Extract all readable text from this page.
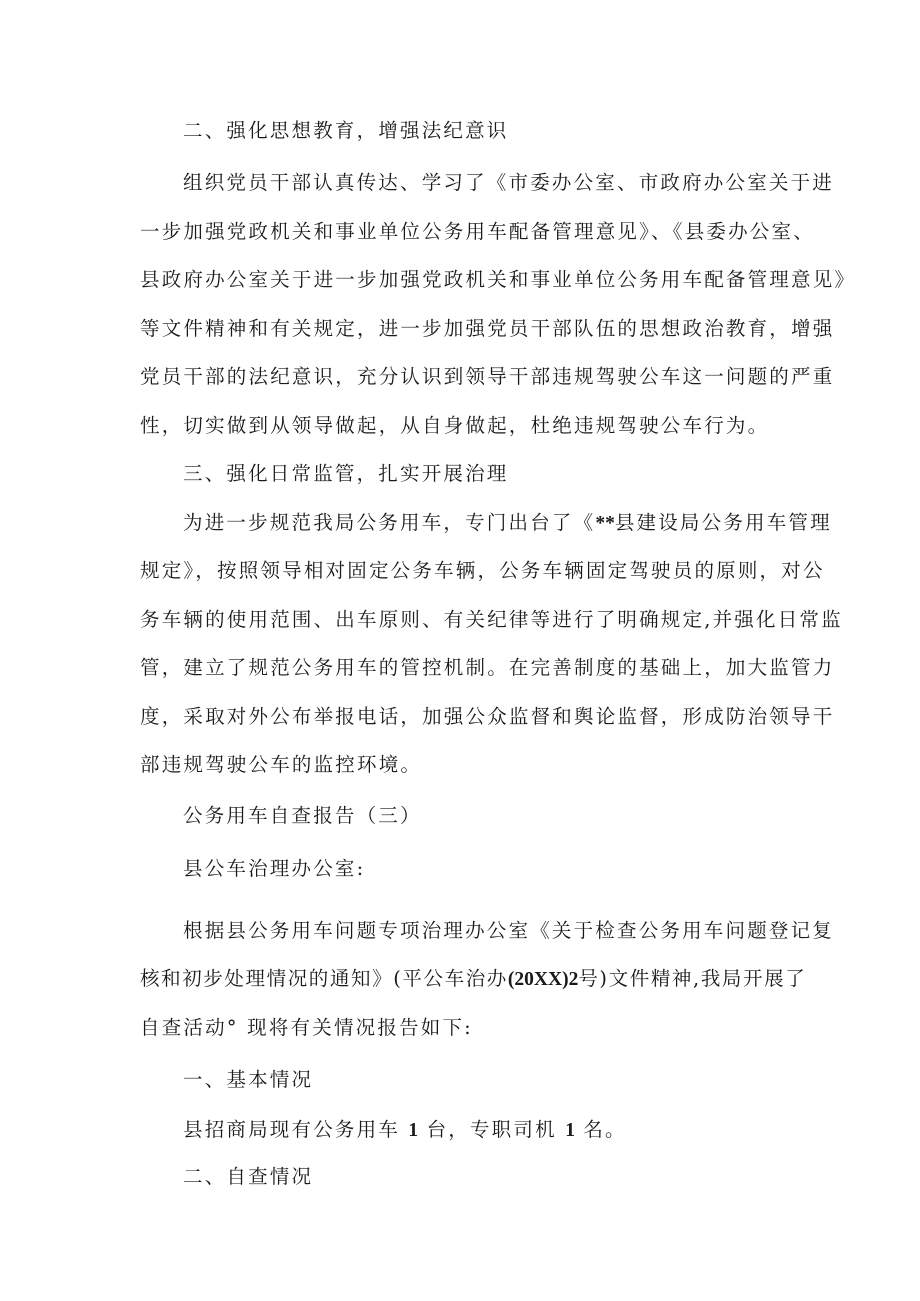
二、强化思想教育，增强法纪意识
组织党员干部认真传达、学习了《市委办公室、市政府办公室关于进
一步加强党政机关和事业单位公务用车配备管理意见》、《县委办公室、
县政府办公室关于进一步加强党政机关和事业单位公务用车配备管理意见》
等文件精神和有关规定，进一步加强党员干部队伍的思想政治教育，增强
党员干部的法纪意识，充分认识到领导干部违规驾驶公车这一问题的严重
性，切实做到从领导做起，从自身做起，杜绝违规驾驶公车行为。
三、强化日常监管，扎实开展治理
为进一步规范我局公务用车，专门出台了《**县建设局公务用车管理
规定》，按照领导相对固定公务车辆，公务车辆固定驾驶员的原则，对公
务车辆的使用范围、出车原则、有关纪律等进行了明确规定,并强化日常监
管，建立了规范公务用车的管控机制。在完善制度的基础上，加大监管力
度，采取对外公布举报电话，加强公众监督和舆论监督，形成防治领导干
部违规驾驶公车的监控环境。
公务用车自查报告（三）
县公车治理办公室:
根据县公务用车问题专项治理办公室《关于检查公务用车问题登记复
核和初步处理情况的通知》(平公车治办(20XX)2号)文件精神,我局开展了
自查活动° 现将有关情况报告如下:
一、基本情况
县招商局现有公务用车 1 台，专职司机 1 名。
二、自查情况
